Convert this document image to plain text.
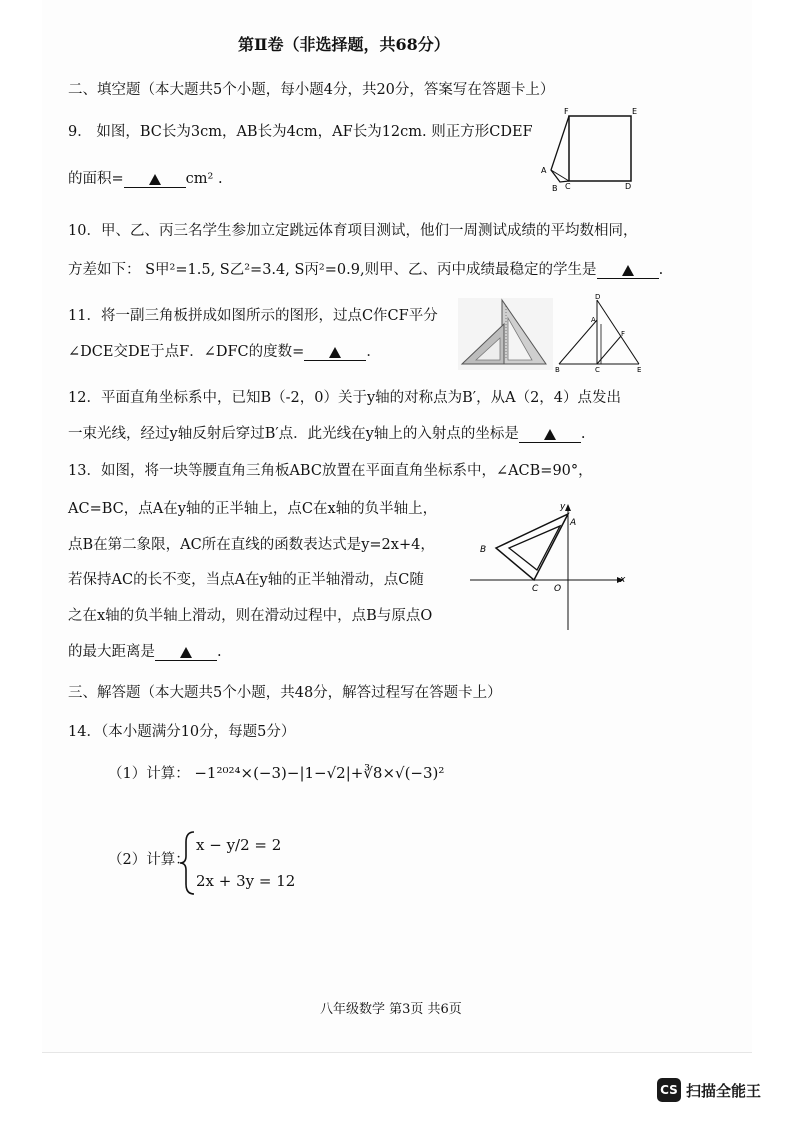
第Ⅱ卷（非选择题，共68分）
二、填空题（本大题共5个小题，每小题4分，共20分，答案写在答题卡上）
9． 如图，BC长为3cm，AB长为4cm，AF长为12cm. 则正方形CDEF
的面积=	cm² .
F	E
A
B C	D
10．甲、乙、丙三名学生参加立定跳远体育项目测试，他们一周测试成绩的平均数相同，
方差如下： S甲²=1.5, S乙²=3.4, S丙²=0.9,则甲、乙、丙中成绩最稳定的学生是	.
11．将一副三角板拼成如图所示的图形，过点C作CF平分
∠DCE交DE于点F．∠DFC的度数=	．
D
F
A
B	C	E
12．平面直角坐标系中，已知B（-2，0）关于y轴的对称点为B′，从A（2，4）点发出
一束光线，经过y轴反射后穿过B′点．此光线在y轴上的入射点的坐标是	.
13．如图，将一块等腰直角三角板ABC放置在平面直角坐标系中，∠ACB=90°，
AC=BC，点A在y轴的正半轴上，点C在x轴的负半轴上，
点B在第二象限，AC所在直线的函数表达式是y=2x+4，
若保持AC的长不变，当点A在y轴的正半轴滑动，点C随
之在x轴的负半轴上滑动，则在滑动过程中，点B与原点O
的最大距离是	.
y
A
B
C O
x
三、解答题（本大题共5个小题，共48分，解答过程写在答题卡上）
14．（本小题满分10分，每题5分）
（1）计算： −1²⁰²⁴×(−3)−|1−√2|+∛8×√(−3)²
（2）计算：
x − y/2 = 2
2x + 3y = 12
八年级数学 第3页 共6页
CS 扫描全能王
